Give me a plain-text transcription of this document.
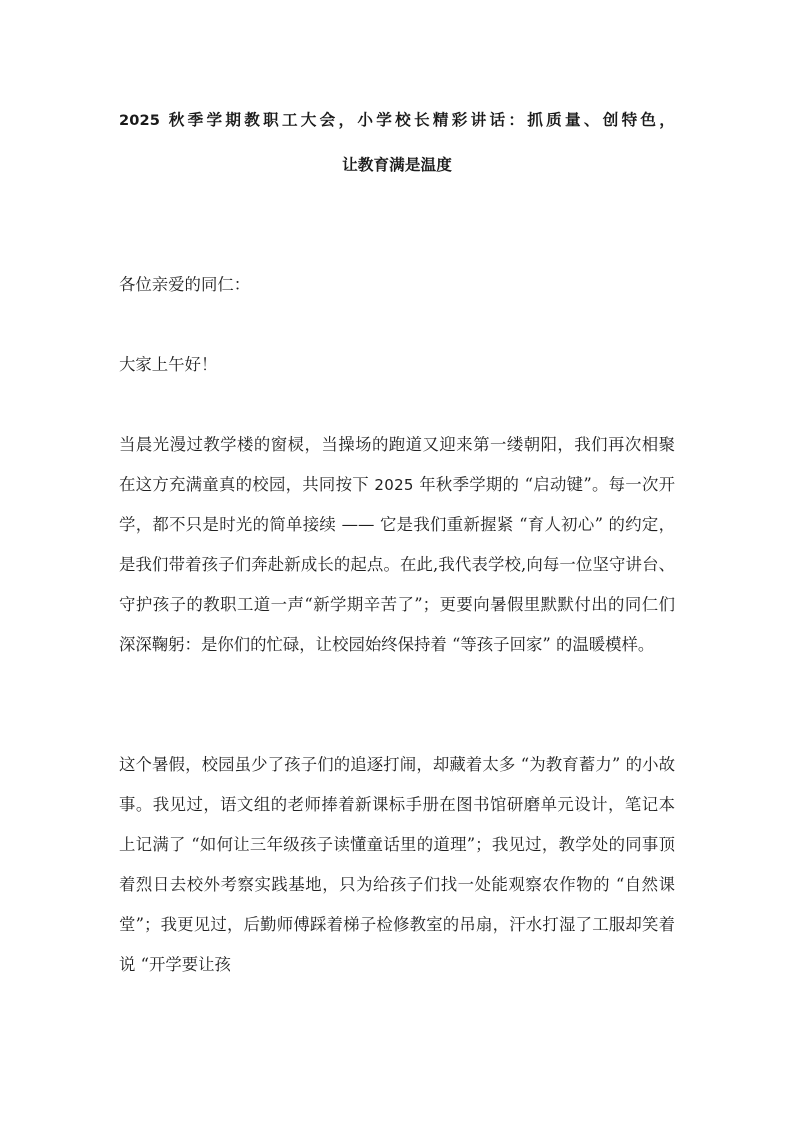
2025 秋季学期教职工大会，小学校长精彩讲话：抓质量、创特色，
让教育满是温度

各位亲爱的同仁：

大家上午好！

当晨光漫过教学楼的窗棂，当操场的跑道又迎来第一缕朝阳，我们再次相聚在这方充满童真的校园，共同按下 2025 年秋季学期的 “启动键”。每一次开学，都不只是时光的简单接续 —— 它是我们重新握紧 “育人初心” 的约定，是我们带着孩子们奔赴新成长的起点。在此,我代表学校,向每一位坚守讲台、守护孩子的教职工道一声“新学期辛苦了”；更要向暑假里默默付出的同仁们深深鞠躬：是你们的忙碌，让校园始终保持着 “等孩子回家” 的温暖模样。

这个暑假，校园虽少了孩子们的追逐打闹，却藏着太多 “为教育蓄力” 的小故事。我见过，语文组的老师捧着新课标手册在图书馆研磨单元设计，笔记本上记满了 “如何让三年级孩子读懂童话里的道理”；我见过，教学处的同事顶着烈日去校外考察实践基地，只为给孩子们找一处能观察农作物的 “自然课堂”；我更见过，后勤师傅踩着梯子检修教室的吊扇，汗水打湿了工服却笑着说 “开学要让孩
